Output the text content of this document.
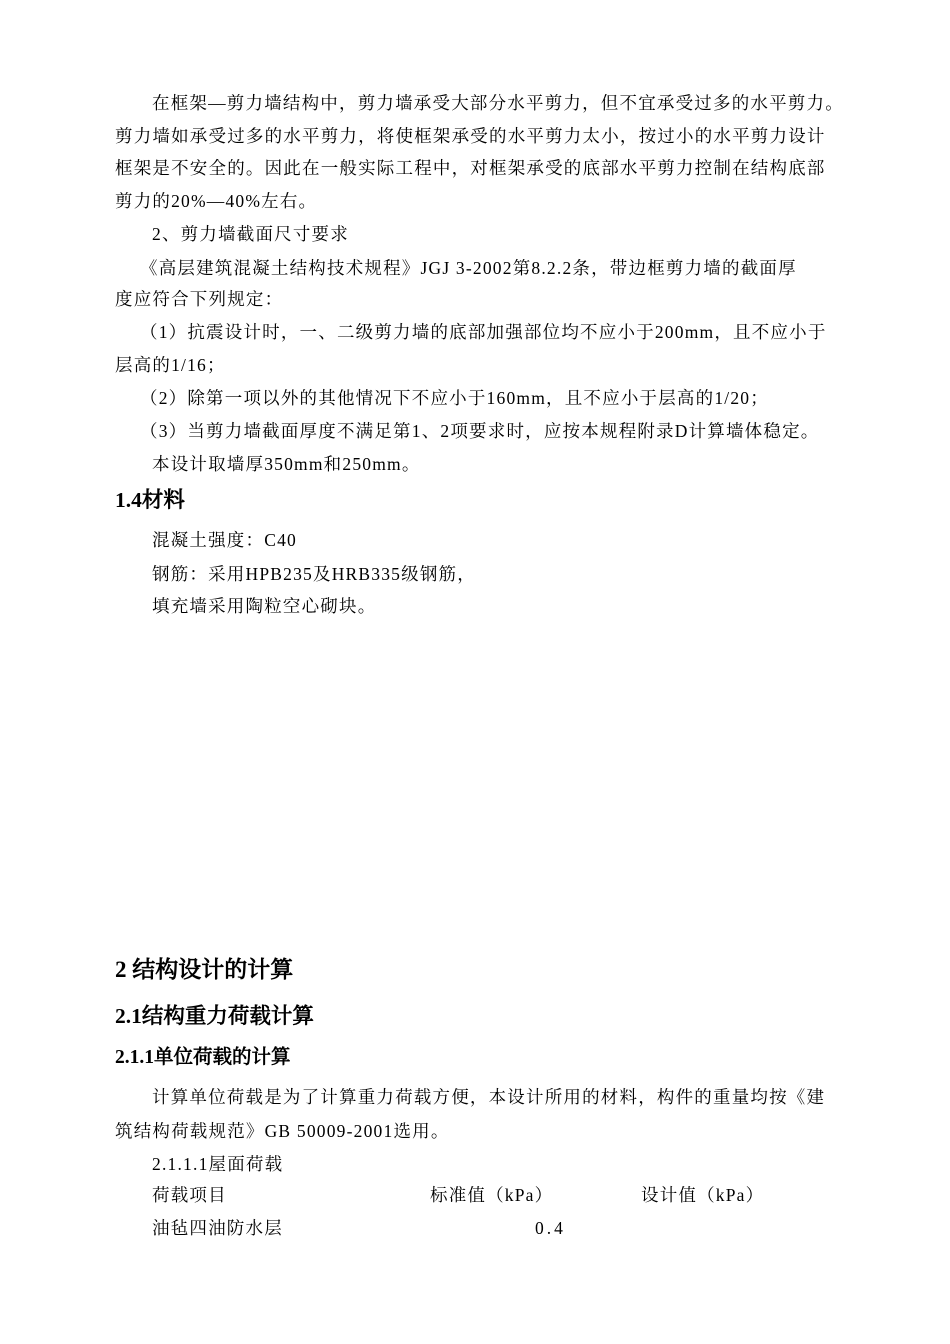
在框架—剪力墙结构中，剪力墙承受大部分水平剪力，但不宜承受过多的水平剪力。
剪力墙如承受过多的水平剪力，将使框架承受的水平剪力太小，按过小的水平剪力设计
框架是不安全的。因此在一般实际工程中，对框架承受的底部水平剪力控制在结构底部
剪力的20%—40%左右。
2、剪力墙截面尺寸要求
《高层建筑混凝土结构技术规程》JGJ 3-2002第8.2.2条，带边框剪力墙的截面厚
度应符合下列规定：
（1）抗震设计时，一、二级剪力墙的底部加强部位均不应小于200mm，且不应小于
层高的1/16；
（2）除第一项以外的其他情况下不应小于160mm，且不应小于层高的1/20；
（3）当剪力墙截面厚度不满足第1、2项要求时，应按本规程附录D计算墙体稳定。
本设计取墙厚350mm和250mm。
1.4材料
混凝土强度：C40
钢筋：采用HPB235及HRB335级钢筋，
填充墙采用陶粒空心砌块。
2 结构设计的计算
2.1结构重力荷载计算
2.1.1单位荷载的计算
计算单位荷载是为了计算重力荷载方便，本设计所用的材料，构件的重量均按《建
筑结构荷载规范》GB 50009-2001选用。
2.1.1.1屋面荷载
荷载项目	标准值（kPa）	设计值（kPa）
油毡四油防水层	0.4
